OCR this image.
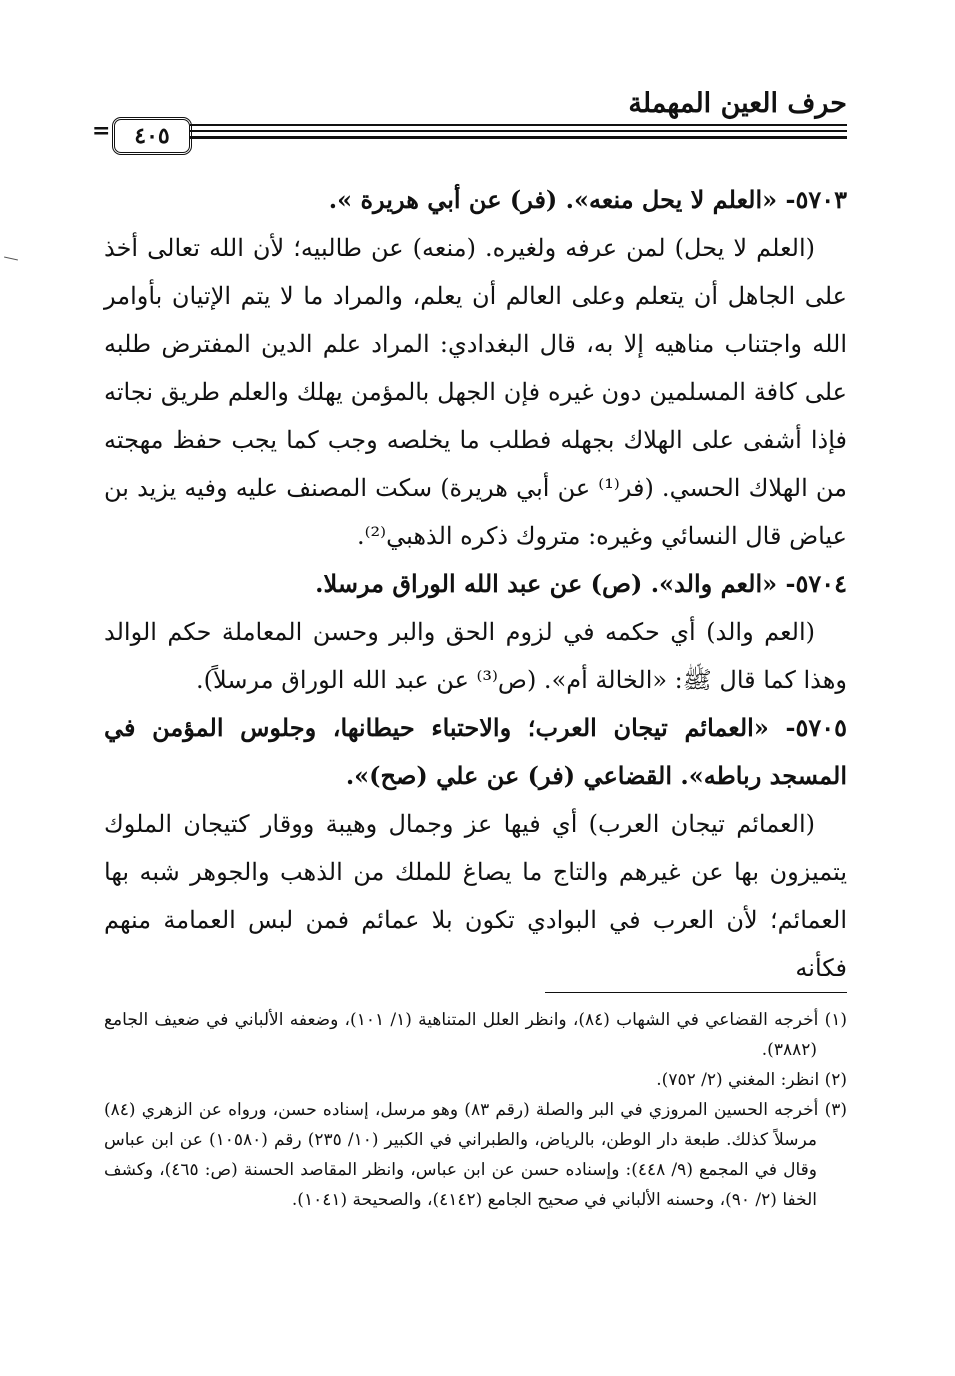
حرف العين المهملة
٤٠٥
=

٥٧٠٣- «العلم لا يحل منعه». (فر) عن أبي هريرة ».

(العلم لا يحل) لمن عرفه ولغيره. (منعه) عن طالبيه؛ لأن الله تعالى أخذ على الجاهل أن يتعلم وعلى العالم أن يعلم، والمراد ما لا يتم الإتيان بأوامر الله واجتناب مناهيه إلا به، قال البغدادي: المراد علم الدين المفترض طلبه على كافة المسلمين دون غيره فإن الجهل بالمؤمن يهلك والعلم طريق نجاته فإذا أشفى على الهلاك بجهله فطلب ما يخلصه وجب كما يجب حفظ مهجته من الهلاك الحسي. (فر⁽¹⁾ عن أبي هريرة) سكت المصنف عليه وفيه يزيد بن عياض قال النسائي وغيره: متروك ذكره الذهبي⁽²⁾.

٥٧٠٤- «العم والد». (ص) عن عبد الله الوراق مرسلا.

(العم والد) أي حكمه في لزوم الحق والبر وحسن المعاملة حكم الوالد وهذا كما قال ﷺ: «الخالة أم». (ص⁽³⁾ عن عبد الله الوراق مرسلاً).

٥٧٠٥- «العمائم تيجان العرب؛ والاحتباء حيطانها، وجلوس المؤمن في المسجد رباطه». القضاعي (فر) عن علي (صح)».

(العمائم تيجان العرب) أي فيها عز وجمال وهيبة ووقار كتيجان الملوك يتميزون بها عن غيرهم والتاج ما يصاغ للملك من الذهب والجوهر شبه بها العمائم؛ لأن العرب في البوادي تكون بلا عمائم فمن لبس العمامة منهم فكأنه

(١) أخرجه القضاعي في الشهاب (٨٤)، وانظر العلل المتناهية (١/ ١٠١)، وضعفه الألباني في ضعيف الجامع (٣٨٨٢).

(٢) انظر: المغني (٢/ ٧٥٢).

(٣) أخرجه الحسين المروزي في البر والصلة (رقم ٨٣) وهو مرسل، إسناده حسن، ورواه عن الزهري (٨٤) مرسلاً كذلك. طبعة دار الوطن، بالرياض، والطبراني في الكبير (١٠/ ٢٣٥) رقم (١٠٥٨٠) عن ابن عباس وقال في المجمع (٩/ ٤٤٨): وإسناده حسن عن ابن عباس، وانظر المقاصد الحسنة (ص: ٤٦٥)، وكشف الخفا (٢/ ٩٠)، وحسنه الألباني في صحيح الجامع (٤١٤٢)، والصحيحة (١٠٤١).
